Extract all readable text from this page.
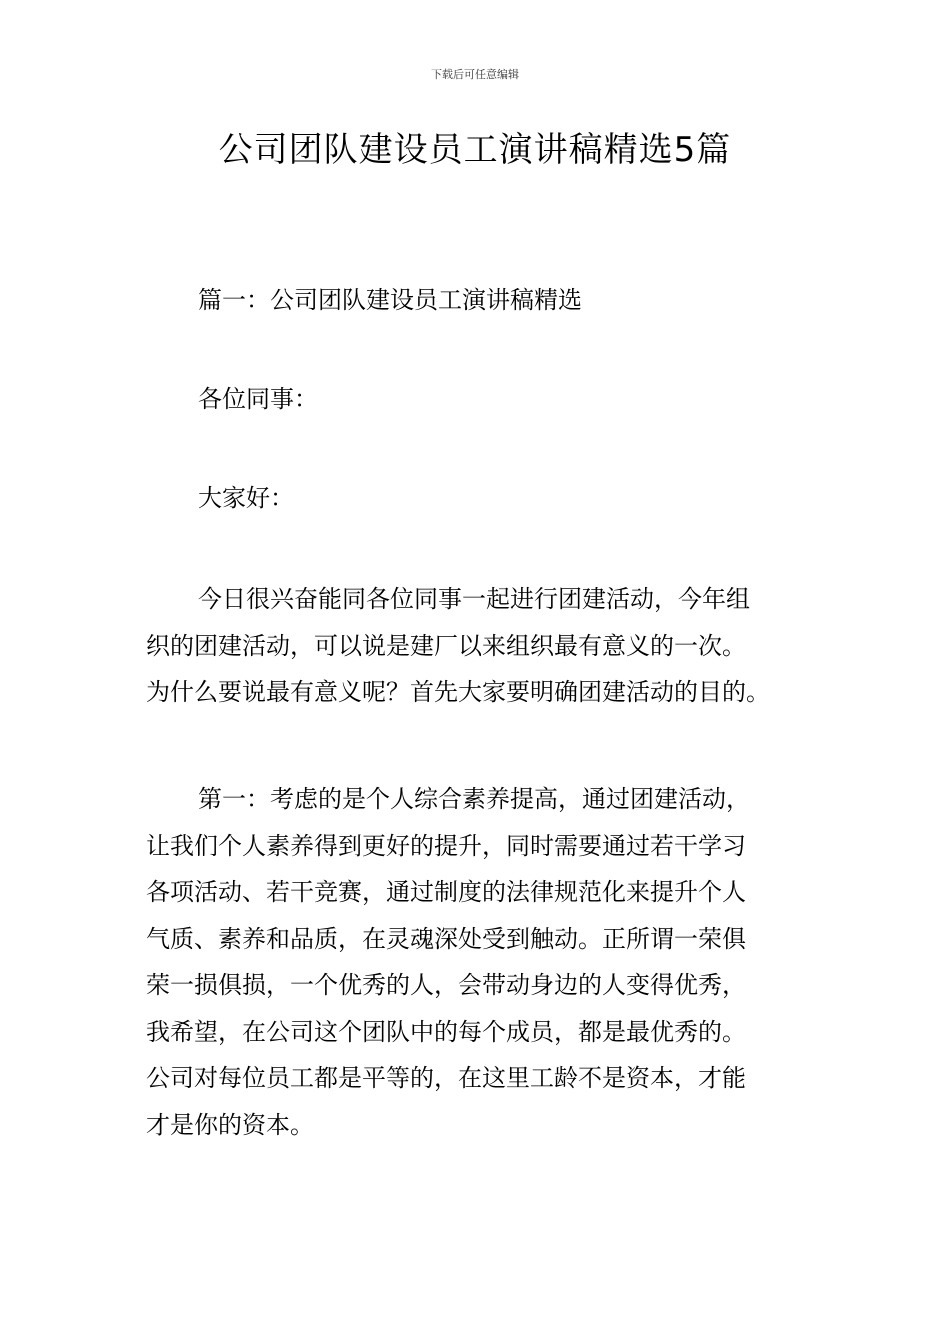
下载后可任意编辑
公司团队建设员工演讲稿精选5篇

篇一：公司团队建设员工演讲稿精选

各位同事：

大家好：

今日很兴奋能同各位同事一起进行团建活动，今年组
织的团建活动，可以说是建厂以来组织最有意义的一次。
为什么要说最有意义呢？首先大家要明确团建活动的目的。
第一：考虑的是个人综合素养提高，通过团建活动，
让我们个人素养得到更好的提升，同时需要通过若干学习
各项活动、若干竞赛，通过制度的法律规范化来提升个人
气质、素养和品质，在灵魂深处受到触动。正所谓一荣俱
荣一损俱损，一个优秀的人，会带动身边的人变得优秀，
我希望，在公司这个团队中的每个成员，都是最优秀的。
公司对每位员工都是平等的，在这里工龄不是资本，才能
才是你的资本。
